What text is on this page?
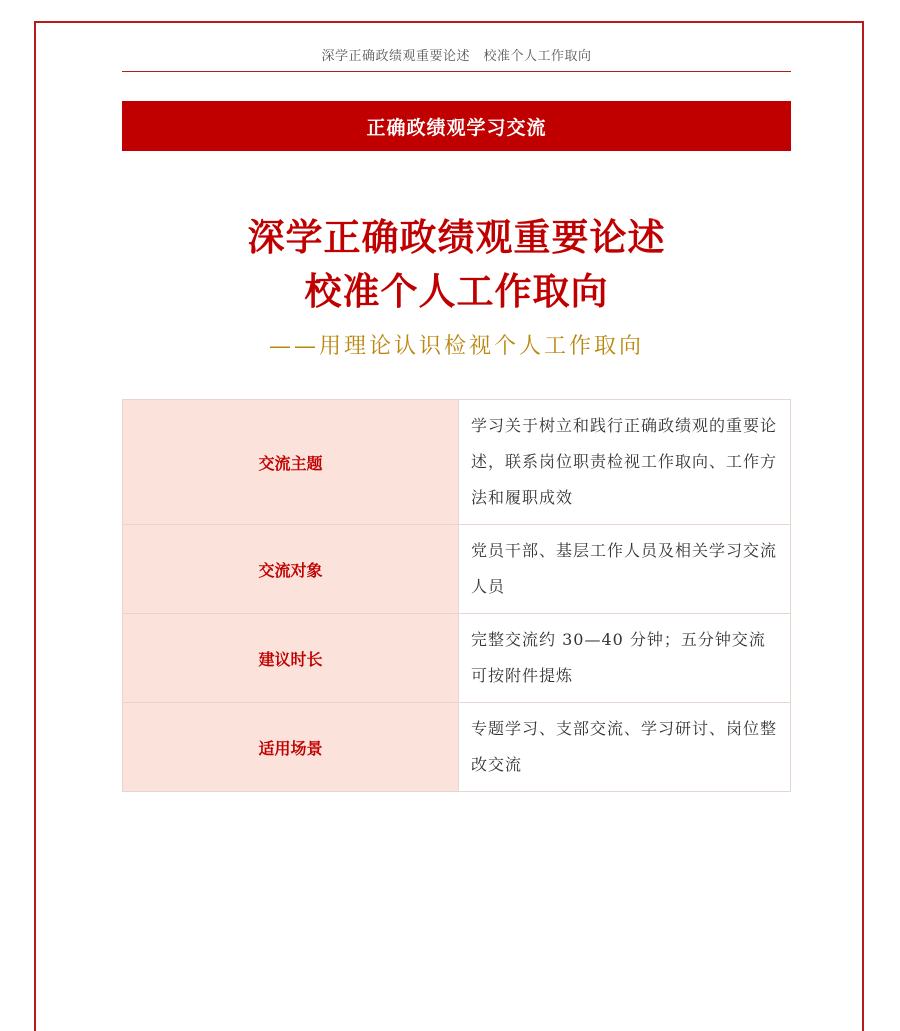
深学正确政绩观重要论述　校准个人工作取向
正确政绩观学习交流
深学正确政绩观重要论述
校准个人工作取向
——用理论认识检视个人工作取向
交流主题	学习关于树立和践行正确政绩观的重要论述，联系岗位职责检视工作取向、工作方法和履职成效
交流对象	党员干部、基层工作人员及相关学习交流人员
建议时长	完整交流约 30—40 分钟；五分钟交流可按附件提炼
适用场景	专题学习、支部交流、学习研讨、岗位整改交流
